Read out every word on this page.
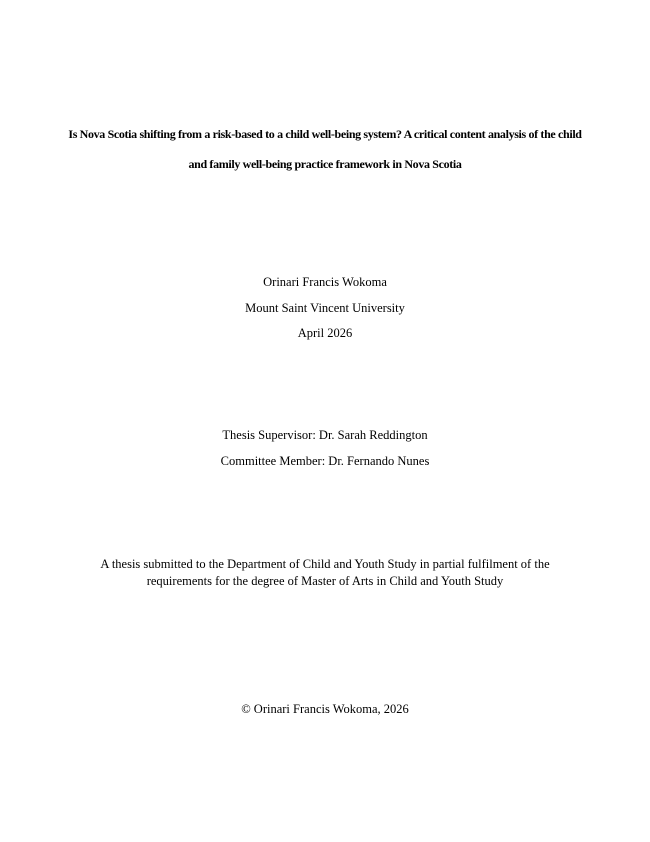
Is Nova Scotia shifting from a risk-based to a child well-being system? A critical content analysis of the child
and family well-being practice framework in Nova Scotia
Orinari Francis Wokoma
Mount Saint Vincent University
April 2026
Thesis Supervisor: Dr. Sarah Reddington
Committee Member: Dr. Fernando Nunes
A thesis submitted to the Department of Child and Youth Study in partial fulfilment of the
requirements for the degree of Master of Arts in Child and Youth Study
© Orinari Francis Wokoma, 2026
